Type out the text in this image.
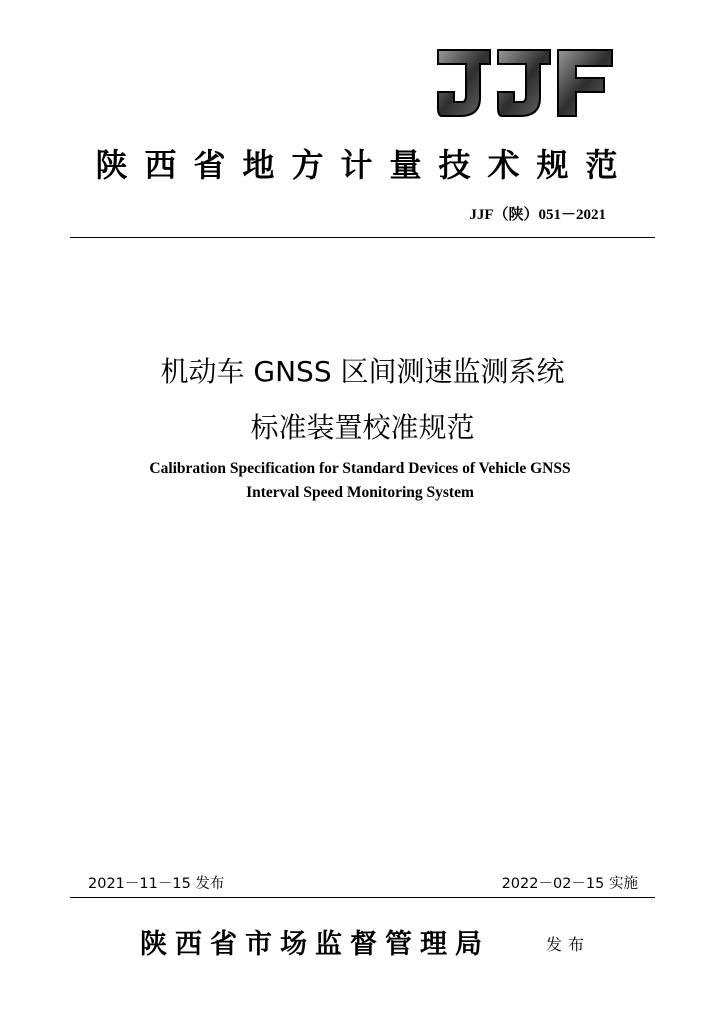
陕西省地方计量技术规范
JJF（陕）051－2021
机动车 GNSS 区间测速监测系统
标准装置校准规范
Calibration Specification for Standard Devices of Vehicle GNSS
Interval Speed Monitoring System
2021－11－15 发布	2022－02－15 实施
陕西省市场监督管理局	发布
